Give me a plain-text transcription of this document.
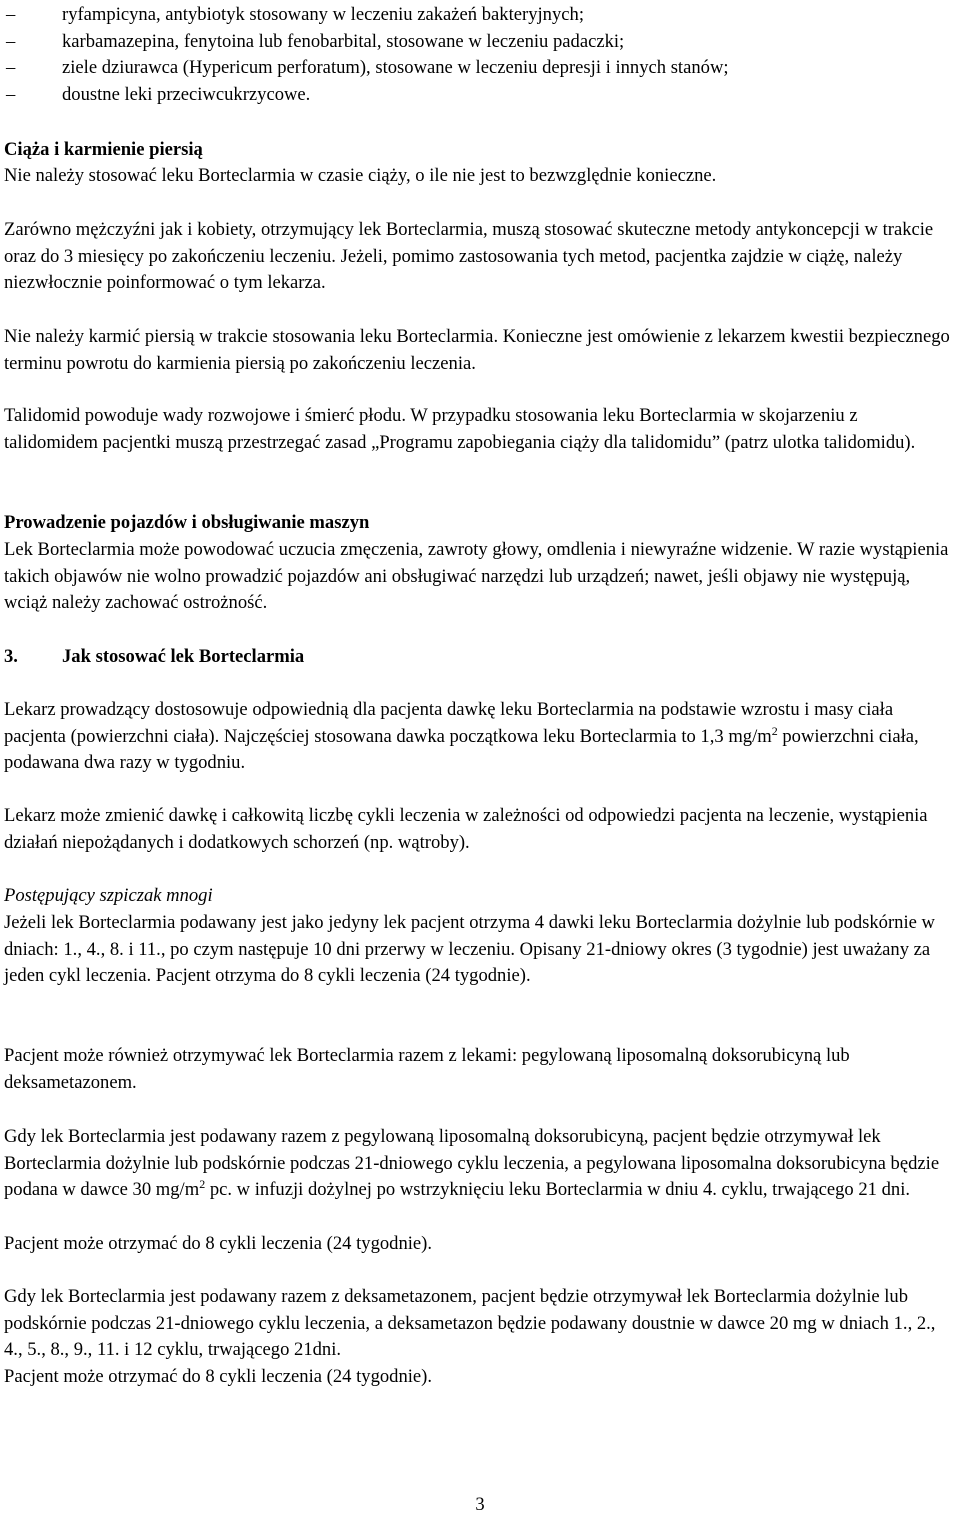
–	ryfampicyna, antybiotyk stosowany w leczeniu zakażeń bakteryjnych;
–	karbamazepina, fenytoina lub fenobarbital, stosowane w leczeniu padaczki;
–	ziele dziurawca (Hypericum perforatum), stosowane w leczeniu depresji i innych stanów;
–	doustne leki przeciwcukrzycowe.

Ciąża i karmienie piersią

Nie należy stosować leku Borteclarmia w czasie ciąży, o ile nie jest to bezwzględnie konieczne.

Zarówno mężczyźni jak i kobiety, otrzymujący lek Borteclarmia, muszą stosować skuteczne metody antykoncepcji w trakcie oraz do 3 miesięcy po zakończeniu leczeniu. Jeżeli, pomimo zastosowania tych metod, pacjentka zajdzie w ciążę, należy niezwłocznie poinformować o tym lekarza.

Nie należy karmić piersią w trakcie stosowania leku Borteclarmia. Konieczne jest omówienie z lekarzem kwestii bezpiecznego terminu powrotu do karmienia piersią po zakończeniu leczenia.

Talidomid powoduje wady rozwojowe i śmierć płodu. W przypadku stosowania leku Borteclarmia w skojarzeniu z talidomidem pacjentki muszą przestrzegać zasad „Programu zapobiegania ciąży dla talidomidu” (patrz ulotka talidomidu).

Prowadzenie pojazdów i obsługiwanie maszyn

Lek Borteclarmia może powodować uczucia zmęczenia, zawroty głowy, omdlenia i niewyraźne widzenie. W razie wystąpienia takich objawów nie wolno prowadzić pojazdów ani obsługiwać narzędzi lub urządzeń; nawet, jeśli objawy nie występują, wciąż należy zachować ostrożność.

3. Jak stosować lek Borteclarmia

Lekarz prowadzący dostosowuje odpowiednią dla pacjenta dawkę leku Borteclarmia na podstawie wzrostu i masy ciała pacjenta (powierzchni ciała). Najczęściej stosowana dawka początkowa leku Borteclarmia to 1,3 $mg/m^2$ powierzchni ciała, podawana dwa razy w tygodniu.

Lekarz może zmienić dawkę i całkowitą liczbę cykli leczenia w zależności od odpowiedzi pacjenta na leczenie, wystąpienia działań niepożądanych i dodatkowych schorzeń (np. wątroby).

Postępujący szpiczak mnogi

Jeżeli lek Borteclarmia podawany jest jako jedyny lek pacjent otrzyma 4 dawki leku Borteclarmia dożylnie lub podskórnie w dniach: 1., 4., 8. i 11., po czym następuje 10 dni przerwy w leczeniu. Opisany 21-dniowy okres (3 tygodnie) jest uważany za jeden cykl leczenia. Pacjent otrzyma do 8 cykli leczenia (24 tygodnie).

Pacjent może również otrzymywać lek Borteclarmia razem z lekami: pegylowaną liposomalną doksorubicyną lub deksametazonem.

Gdy lek Borteclarmia jest podawany razem z pegylowaną liposomalną doksorubicyną, pacjent będzie otrzymywał lek Borteclarmia dożylnie lub podskórnie podczas 21-dniowego cyklu leczenia, a pegylowana liposomalna doksorubicyna będzie podana w dawce 30 $mg/m^2$ pc. w infuzji dożylnej po wstrzyknięciu leku Borteclarmia w dniu 4. cyklu, trwającego 21 dni.

Pacjent może otrzymać do 8 cykli leczenia (24 tygodnie).

Gdy lek Borteclarmia jest podawany razem z deksametazonem, pacjent będzie otrzymywał lek Borteclarmia dożylnie lub podskórnie podczas 21-dniowego cyklu leczenia, a deksametazon będzie podawany doustnie w dawce 20 mg w dniach 1., 2., 4., 5., 8., 9., 11. i 12 cyklu, trwającego 21dni.

Pacjent może otrzymać do 8 cykli leczenia (24 tygodnie).

3
